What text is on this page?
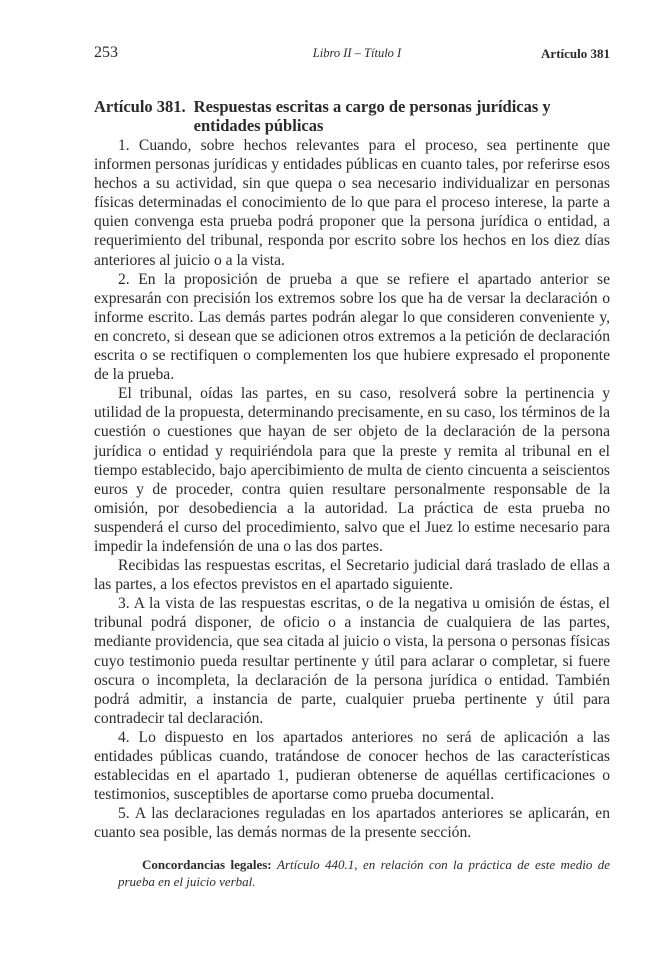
253	Libro II – Título I	Artículo 381
Artículo 381. Respuestas escritas a cargo de personas jurídicas y entidades públicas

1. Cuando, sobre hechos relevantes para el proceso, sea pertinente que informen personas jurídicas y entidades públicas en cuanto tales, por referirse esos hechos a su actividad, sin que quepa o sea necesario individualizar en personas físicas determinadas el conocimiento de lo que para el proceso interese, la parte a quien convenga esta prueba podrá proponer que la persona jurídica o entidad, a requerimiento del tribunal, responda por escrito sobre los hechos en los diez días anteriores al juicio o a la vista.

2. En la proposición de prueba a que se refiere el apartado anterior se expresarán con precisión los extremos sobre los que ha de versar la declaración o informe escrito. Las demás partes podrán alegar lo que consideren conveniente y, en concreto, si desean que se adicionen otros extremos a la petición de declaración escrita o se rectifiquen o complementen los que hubiere expresado el proponente de la prueba.

El tribunal, oídas las partes, en su caso, resolverá sobre la pertinencia y utilidad de la propuesta, determinando precisamente, en su caso, los términos de la cuestión o cuestiones que hayan de ser objeto de la declaración de la persona jurídica o entidad y requiriéndola para que la preste y remita al tribunal en el tiempo establecido, bajo apercibimiento de multa de ciento cincuenta a seiscientos euros y de proceder, contra quien resultare personalmente responsable de la omisión, por desobediencia a la autoridad. La práctica de esta prueba no suspenderá el curso del procedimiento, salvo que el Juez lo estime necesario para impedir la indefensión de una o las dos partes.

Recibidas las respuestas escritas, el Secretario judicial dará traslado de ellas a las partes, a los efectos previstos en el apartado siguiente.

3. A la vista de las respuestas escritas, o de la negativa u omisión de éstas, el tribunal podrá disponer, de oficio o a instancia de cualquiera de las partes, mediante providencia, que sea citada al juicio o vista, la persona o personas físicas cuyo testimonio pueda resultar pertinente y útil para aclarar o completar, si fuere oscura o incompleta, la declaración de la persona jurídica o entidad. También podrá admitir, a instancia de parte, cualquier prueba pertinente y útil para contradecir tal declaración.

4. Lo dispuesto en los apartados anteriores no será de aplicación a las entidades públicas cuando, tratándose de conocer hechos de las características establecidas en el apartado 1, pudieran obtenerse de aquéllas certificaciones o testimonios, susceptibles de aportarse como prueba documental.

5. A las declaraciones reguladas en los apartados anteriores se aplicarán, en cuanto sea posible, las demás normas de la presente sección.

Concordancias legales: Artículo 440.1, en relación con la práctica de este medio de prueba en el juicio verbal.
